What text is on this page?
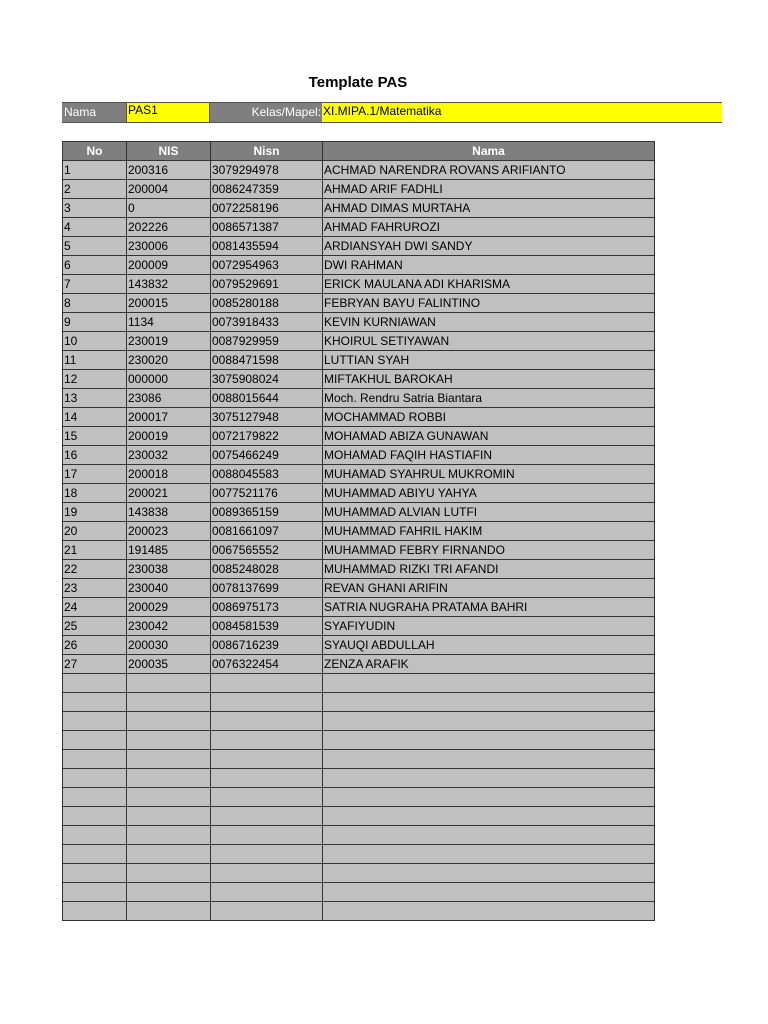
Template PAS
Nama	PAS1	Kelas/Mapel: XI.MIPA.1/Matematika
No	NIS	Nisn	Nama
1	200316	3079294978	ACHMAD NARENDRA ROVANS ARIFIANTO
2	200004	0086247359	AHMAD ARIF FADHLI
3	0	0072258196	AHMAD DIMAS MURTAHA
4	202226	0086571387	AHMAD FAHRUROZI
5	230006	0081435594	ARDIANSYAH DWI SANDY
6	200009	0072954963	DWI RAHMAN
7	143832	0079529691	ERICK MAULANA ADI KHARISMA
8	200015	0085280188	FEBRYAN BAYU FALINTINO
9	1134	0073918433	KEVIN KURNIAWAN
10	230019	0087929959	KHOIRUL SETIYAWAN
11	230020	0088471598	LUTTIAN SYAH
12	000000	3075908024	MIFTAKHUL BAROKAH
13	23086	0088015644	Moch. Rendru Satria Biantara
14	200017	3075127948	MOCHAMMAD ROBBI
15	200019	0072179822	MOHAMAD ABIZA GUNAWAN
16	230032	0075466249	MOHAMAD FAQIH HASTIAFIN
17	200018	0088045583	MUHAMAD SYAHRUL MUKROMIN
18	200021	0077521176	MUHAMMAD ABIYU YAHYA
19	143838	0089365159	MUHAMMAD ALVIAN LUTFI
20	200023	0081661097	MUHAMMAD FAHRIL HAKIM
21	191485	0067565552	MUHAMMAD FEBRY FIRNANDO
22	230038	0085248028	MUHAMMAD RIZKI TRI AFANDI
23	230040	0078137699	REVAN GHANI ARIFIN
24	200029	0086975173	SATRIA NUGRAHA PRATAMA BAHRI
25	230042	0084581539	SYAFIYUDIN
26	200030	0086716239	SYAUQI ABDULLAH
27	200035	0076322454	ZENZA ARAFIK
